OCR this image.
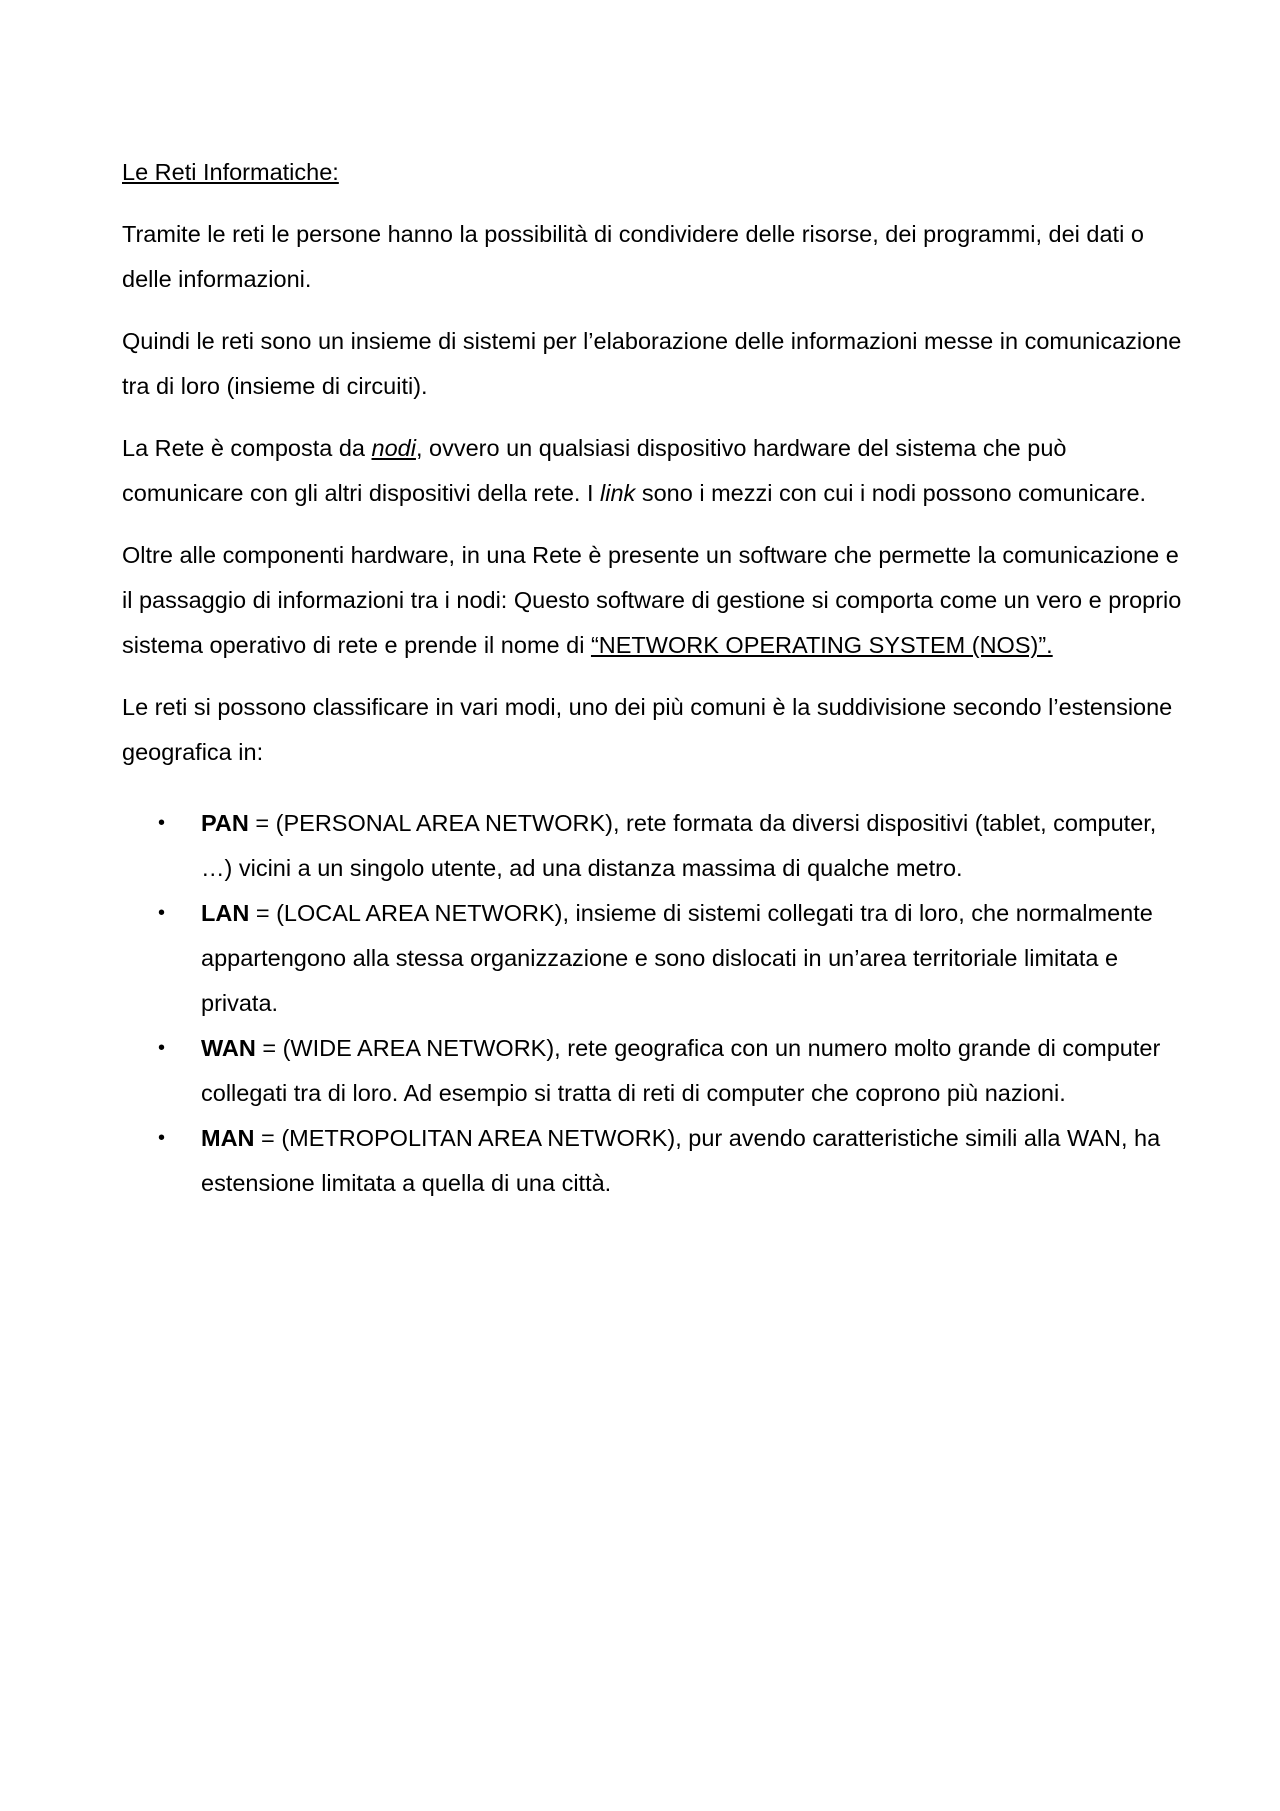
Le Reti Informatiche:

Tramite le reti le persone hanno la possibilità di condividere delle risorse, dei programmi, dei dati o delle informazioni.

Quindi le reti sono un insieme di sistemi per l’elaborazione delle informazioni messe in comunicazione tra di loro (insieme di circuiti).

La Rete è composta da nodi, ovvero un qualsiasi dispositivo hardware del sistema che può comunicare con gli altri dispositivi della rete. I link sono i mezzi con cui i nodi possono comunicare.

Oltre alle componenti hardware, in una Rete è presente un software che permette la comunicazione e il passaggio di informazioni tra i nodi: Questo software di gestione si comporta come un vero e proprio sistema operativo di rete e prende il nome di “NETWORK OPERATING SYSTEM (NOS)”.

Le reti si possono classificare in vari modi, uno dei più comuni è la suddivisione secondo l’estensione geografica in:

• PAN = (PERSONAL AREA NETWORK), rete formata da diversi dispositivi (tablet, computer, …) vicini a un singolo utente, ad una distanza massima di qualche metro.
• LAN = (LOCAL AREA NETWORK), insieme di sistemi collegati tra di loro, che normalmente appartengono alla stessa organizzazione e sono dislocati in un’area territoriale limitata e privata.
• WAN = (WIDE AREA NETWORK), rete geografica con un numero molto grande di computer collegati tra di loro. Ad esempio si tratta di reti di computer che coprono più nazioni.
• MAN = (METROPOLITAN AREA NETWORK), pur avendo caratteristiche simili alla WAN, ha estensione limitata a quella di una città.
